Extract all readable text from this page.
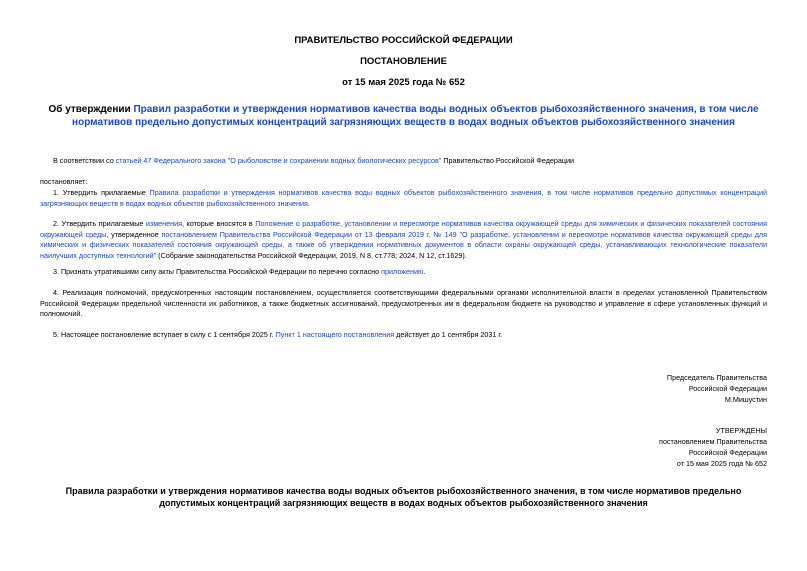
ПРАВИТЕЛЬСТВО РОССИЙСКОЙ ФЕДЕРАЦИИ
ПОСТАНОВЛЕНИЕ
от 15 мая 2025 года № 652
Об утверждении Правил разработки и утверждения нормативов качества воды водных объектов рыбохозяйственного значения, в том числе нормативов предельно допустимых концентраций загрязняющих веществ в водах водных объектов рыбохозяйственного значения
В соответствии со статьей 47 Федерального закона "О рыболовстве и сохранении водных биологических ресурсов" Правительство Российской Федерации
постановляет:
1. Утвердить прилагаемые Правила разработки и утверждения нормативов качества воды водных объектов рыбохозяйственного значения, в том числе нормативов предельно допустимых концентраций загрязняющих веществ в водах водных объектов рыбохозяйственного значения.
2. Утвердить прилагаемые изменения, которые вносятся в Положение о разработке, установлении и пересмотре нормативов качества окружающей среды для химических и физических показателей состояния окружающей среды, утвержденное постановлением Правительства Российской Федерации от 13 февраля 2019 г. № 149 "О разработке, установлении и пересмотре нормативов качества окружающей среды для химических и физических показателей состояния окружающей среды, а также об утверждении нормативных документов в области охраны окружающей среды, устанавливающих технологические показатели наилучших доступных технологий" (Собрание законодательства Российской Федерации, 2019, N 8, ст.778; 2024, N 12, ст.1629).
3. Признать утратившими силу акты Правительства Российской Федерации по перечню согласно приложению.
4. Реализация полномочий, предусмотренных настоящим постановлением, осуществляется соответствующими федеральными органами исполнительной власти в пределах установленной Правительством Российской Федерации предельной численности их работников, а также бюджетных ассигнований, предусмотренных им в федеральном бюджете на руководство и управление в сфере установленных функций и полномочий.
5. Настоящее постановление вступает в силу с 1 сентября 2025 г. Пункт 1 настоящего постановления действует до 1 сентября 2031 г.
Председатель Правительства
Российской Федерации
М.Мишустин
УТВЕРЖДЕНЫ
постановлением Правительства
Российской Федерации
от 15 мая 2025 года № 652
Правила разработки и утверждения нормативов качества воды водных объектов рыбохозяйственного значения, в том числе нормативов предельно допустимых концентраций загрязняющих веществ в водах водных объектов рыбохозяйственного значения
